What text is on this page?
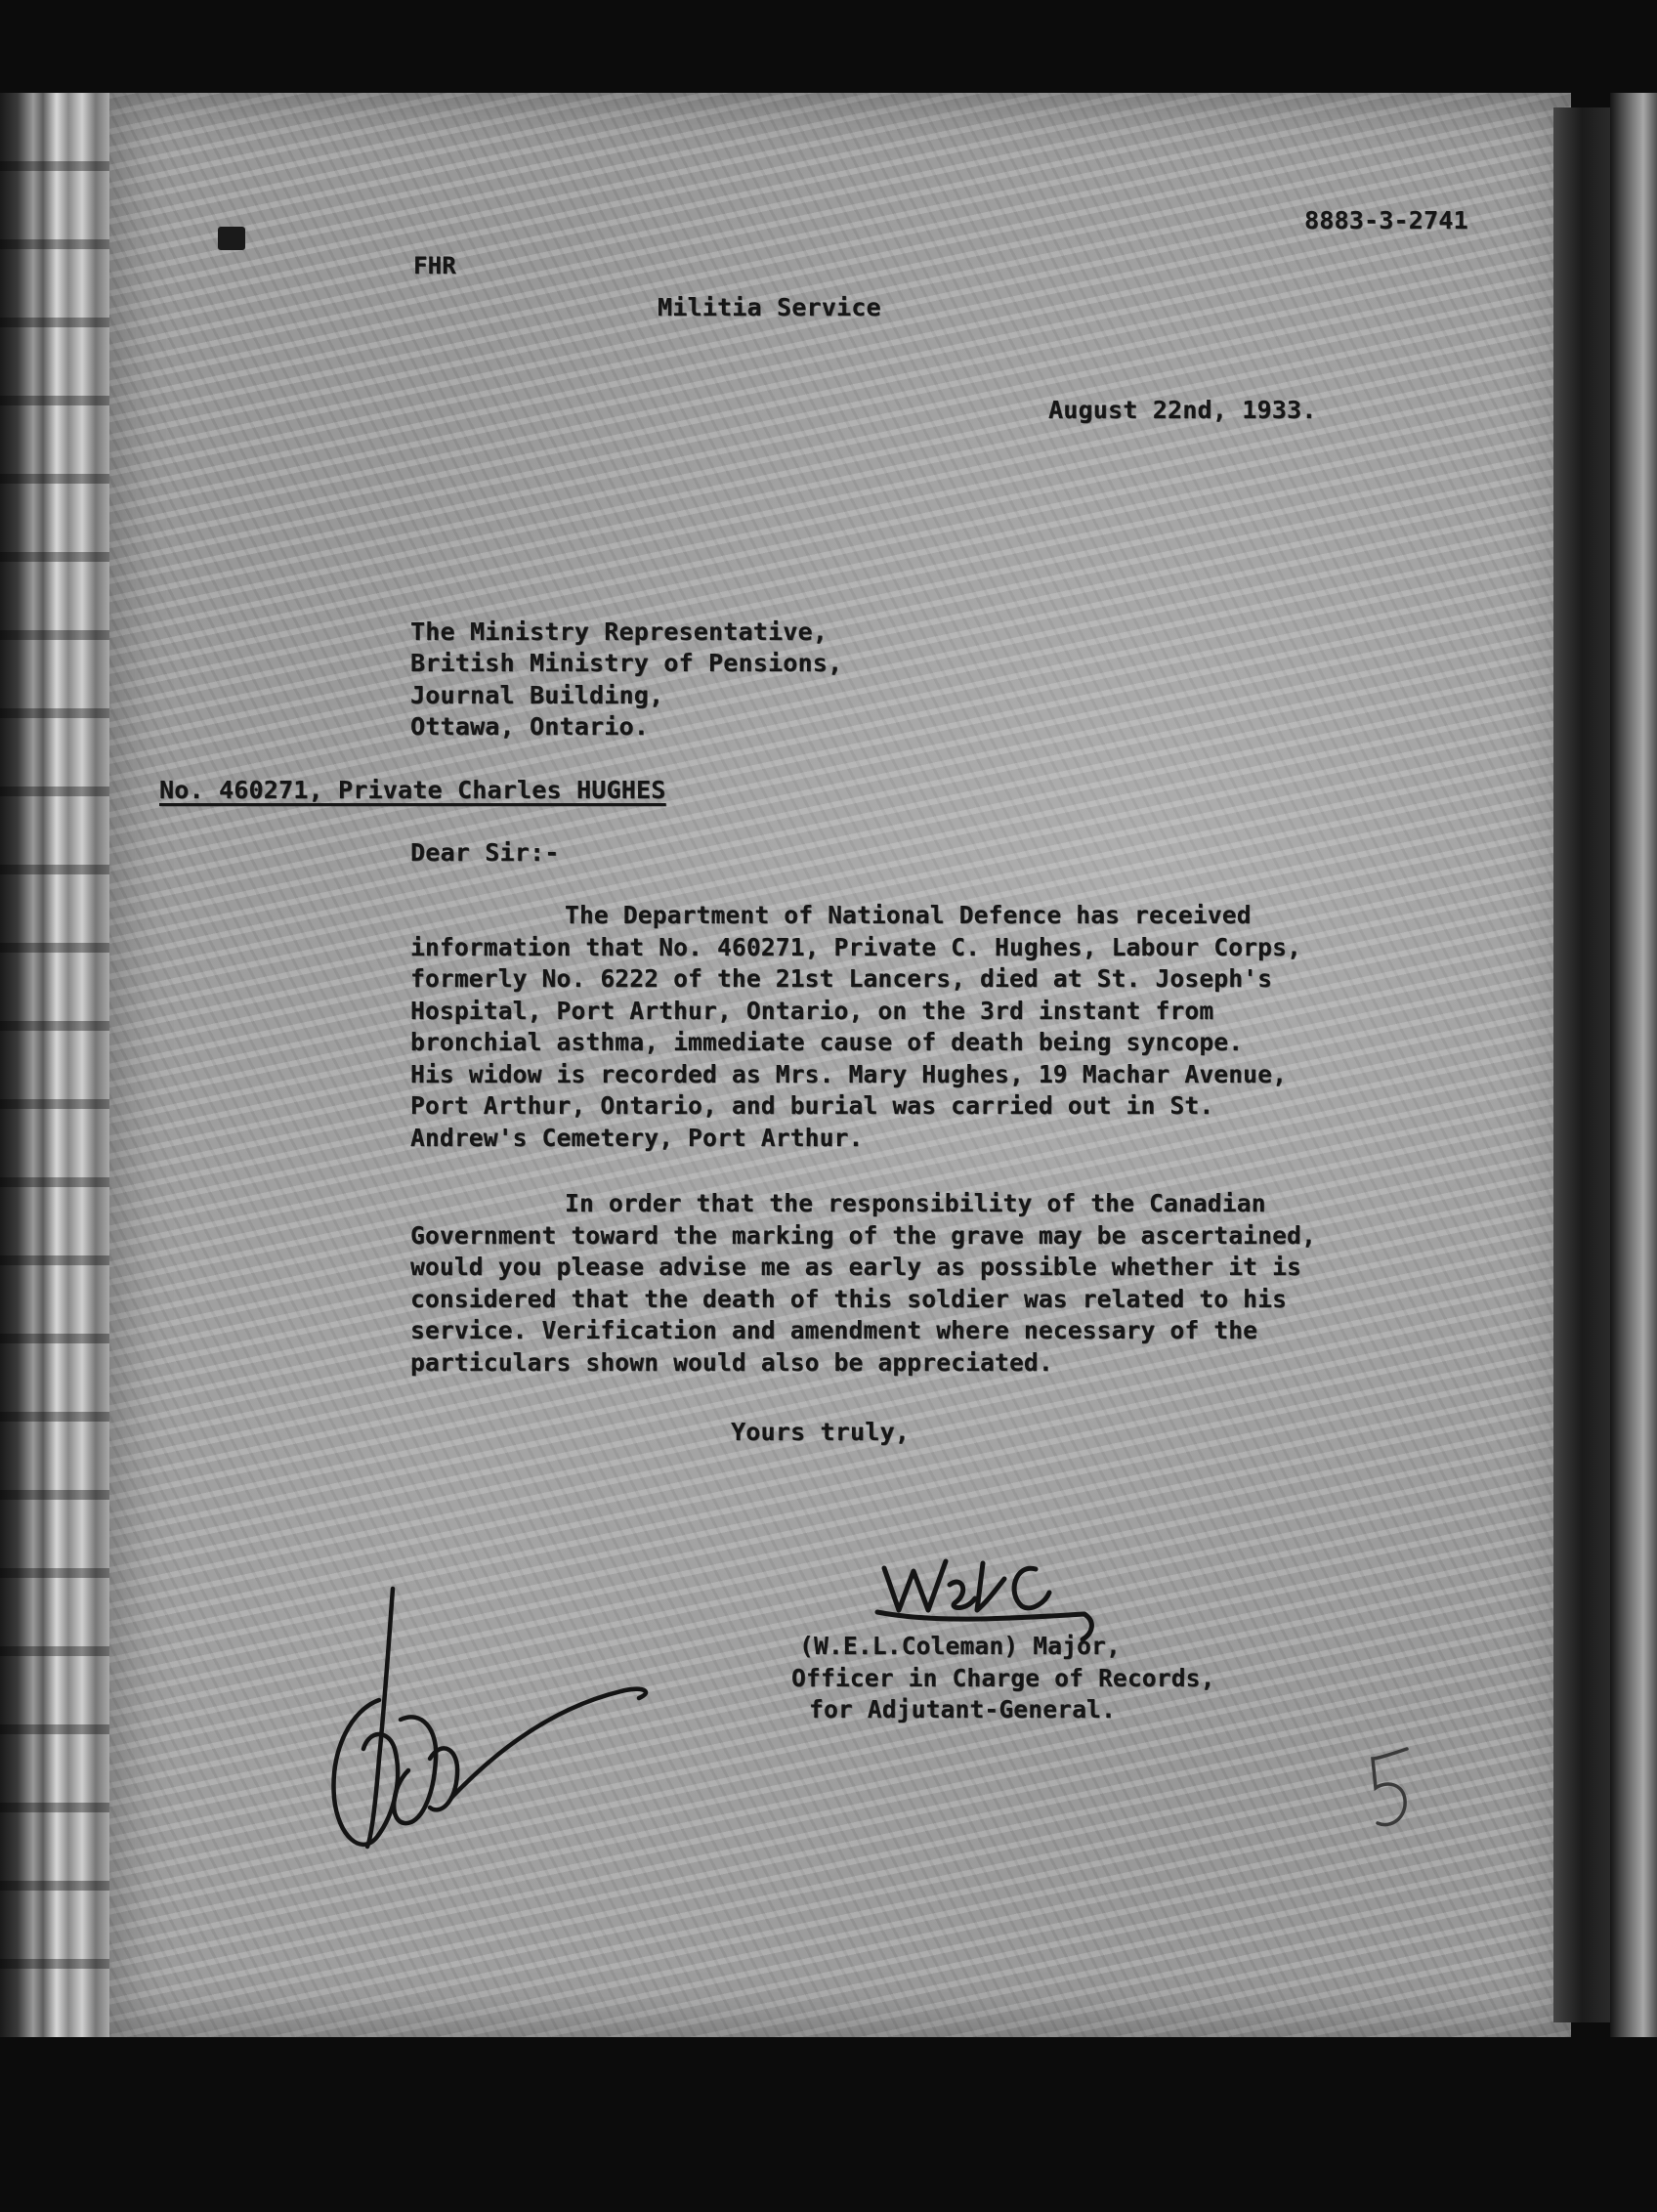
8883-3-2741
FHR
Militia Service
August 22nd, 1933.
The Ministry Representative,
British Ministry of Pensions,
Journal Building,
Ottawa, Ontario.
No. 460271, Private Charles HUGHES
Dear Sir:-
The Department of National Defence has received
information that No. 460271, Private C. Hughes, Labour Corps,
formerly No. 6222 of the 21st Lancers, died at St. Joseph's
Hospital, Port Arthur, Ontario, on the 3rd instant from
bronchial asthma, immediate cause of death being syncope.
His widow is recorded as Mrs. Mary Hughes, 19 Machar Avenue,
Port Arthur, Ontario, and burial was carried out in St.
Andrew's Cemetery, Port Arthur.
In order that the responsibility of the Canadian
Government toward the marking of the grave may be ascertained,
would you please advise me as early as possible whether it is
considered that the death of this soldier was related to his
service. Verification and amendment where necessary of the
particulars shown would also be appreciated.
Yours truly,
(W.E.L.Coleman) Major,
Officer in Charge of Records,
for Adjutant-General.
